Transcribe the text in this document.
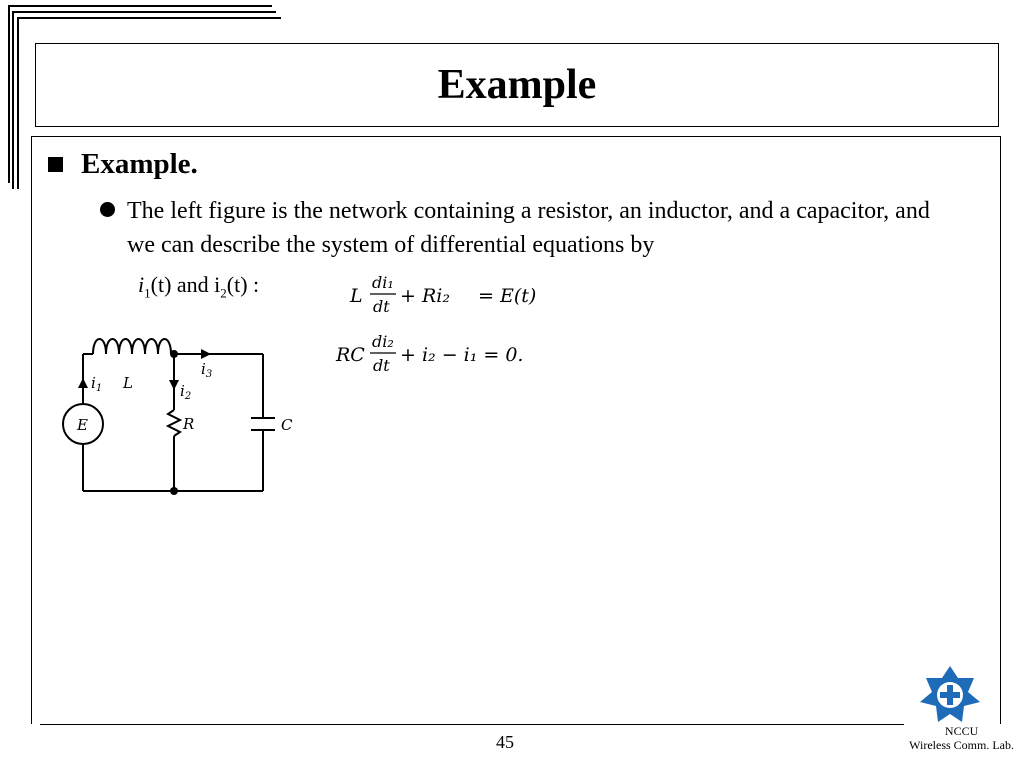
Example
Example.

The left figure is the network containing a resistor, an inductor, and a capacitor, and we can describe the system of differential equations by

$i_1(t)$ and $i_2(t)$ :	L
di₁
dt + Ri₂ = E(t)
RC
di₂
dt + i₂ − i₁ = 0.
E
L
R	C
$i_1$	$i_2$
$i_3$
45
NCCU
Wireless Comm. Lab.
